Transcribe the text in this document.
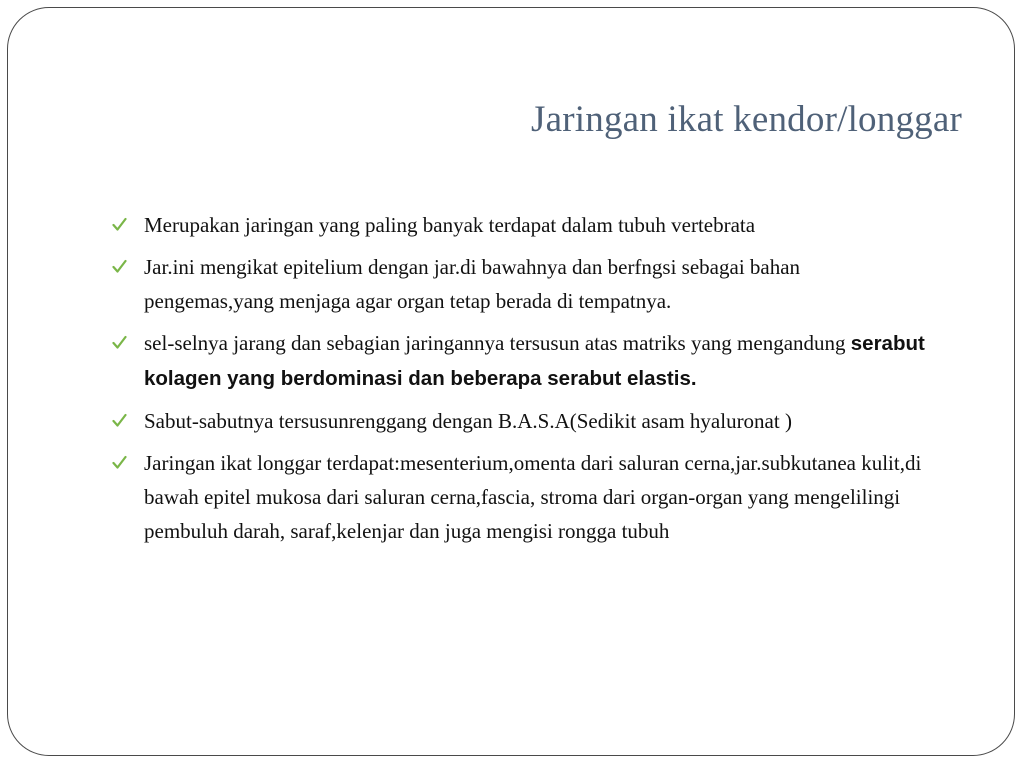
Jaringan ikat kendor/longgar
Merupakan jaringan yang paling banyak terdapat dalam tubuh vertebrata
Jar.ini mengikat epitelium dengan jar.di bawahnya dan berfngsi sebagai bahan pengemas,yang menjaga agar organ tetap berada di tempatnya.
sel-selnya jarang dan sebagian jaringannya tersusun atas matriks yang mengandung serabut kolagen yang berdominasi dan beberapa serabut elastis.
Sabut-sabutnya tersusunrenggang dengan B.A.S.A(Sedikit asam hyaluronat )
Jaringan ikat longgar terdapat:mesenterium,omenta dari saluran cerna,jar.subkutanea kulit,di bawah epitel mukosa dari saluran cerna,fascia, stroma dari organ-organ yang mengelilingi pembuluh darah, saraf,kelenjar dan juga mengisi rongga tubuh
